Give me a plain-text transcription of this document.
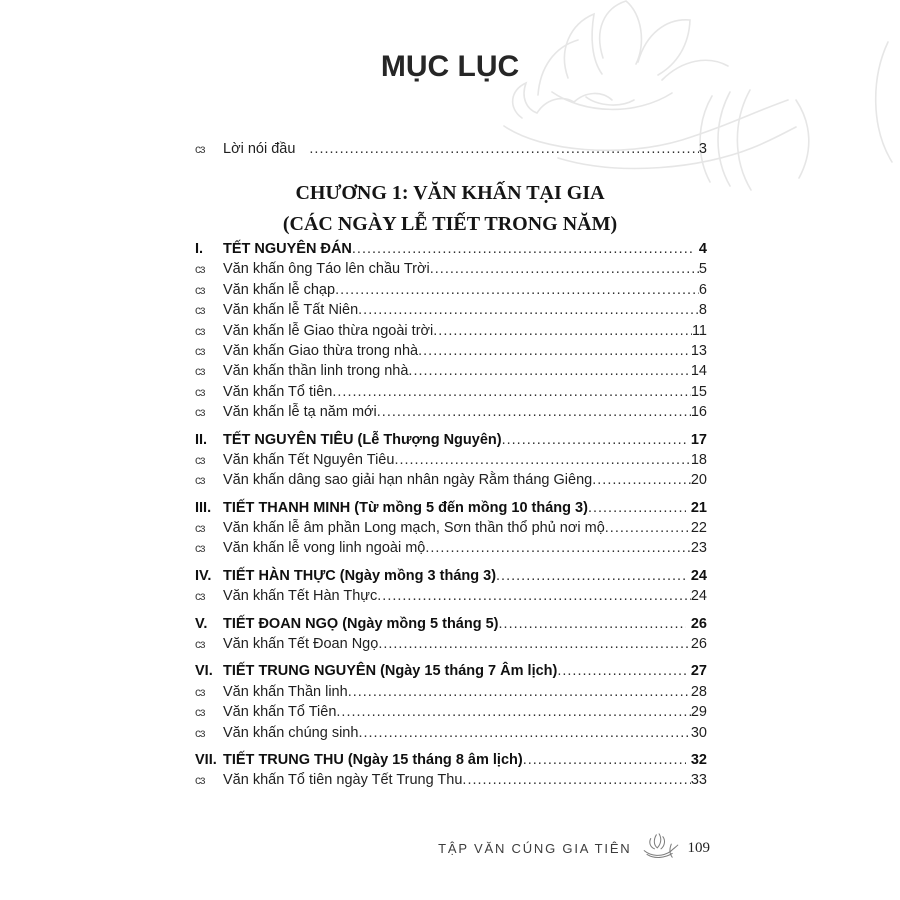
MỤC LỤC
cɜ	Lời nói đầu .....	3
CHƯƠNG 1: VĂN KHẤN TẠI GIA
(CÁC NGÀY LỄ TIẾT TRONG NĂM)
I.	TẾT NGUYÊN ĐÁN .....	4
cɜ	Văn khấn ông Táo lên chầu Trời .....	5
cɜ	Văn khấn lễ chạp .....	6
cɜ	Văn khấn lễ Tất Niên .....	8
cɜ	Văn khấn lễ Giao thừa ngoài trời .....	11
cɜ	Văn khấn Giao thừa trong nhà .....	13
cɜ	Văn khấn thần linh trong nhà .....	14
cɜ	Văn khấn Tổ tiên .....	15
cɜ	Văn khấn lễ tạ năm mới .....	16
II.	TẾT NGUYÊN TIÊU (Lễ Thượng Nguyên) .....	17
cɜ	Văn khấn Tết Nguyên Tiêu .....	18
cɜ	Văn khấn dâng sao giải hạn nhân ngày Rằm tháng Giêng .....	20
III. TIẾT THANH MINH (Từ mồng 5 đến mồng 10 tháng 3) .....	21
cɜ	Văn khấn lễ âm phần Long mạch, Sơn thần thổ phủ nơi mộ .....	22
cɜ	Văn khấn lễ vong linh ngoài mộ .....	23
IV. TIẾT HÀN THỰC (Ngày mồng 3 tháng 3) .....	24
cɜ	Văn khấn Tết Hàn Thực .....	24
V.	TIẾT ĐOAN NGỌ (Ngày mồng 5 tháng 5) .....	26
cɜ	Văn khấn Tết Đoan Ngọ .....	26
VI. TIẾT TRUNG NGUYÊN (Ngày 15 tháng 7 Âm lịch) .....	27
cɜ	Văn khấn Thần linh .....	28
cɜ	Văn khấn Tổ Tiên .....	29
cɜ	Văn khấn chúng sinh .....	30
VII. TIẾT TRUNG THU (Ngày 15 tháng 8 âm lịch) .....	32
cɜ	Văn khấn Tổ tiên ngày Tết Trung Thu .....	33
TẬP VĂN CÚNG GIA TIÊN	109
